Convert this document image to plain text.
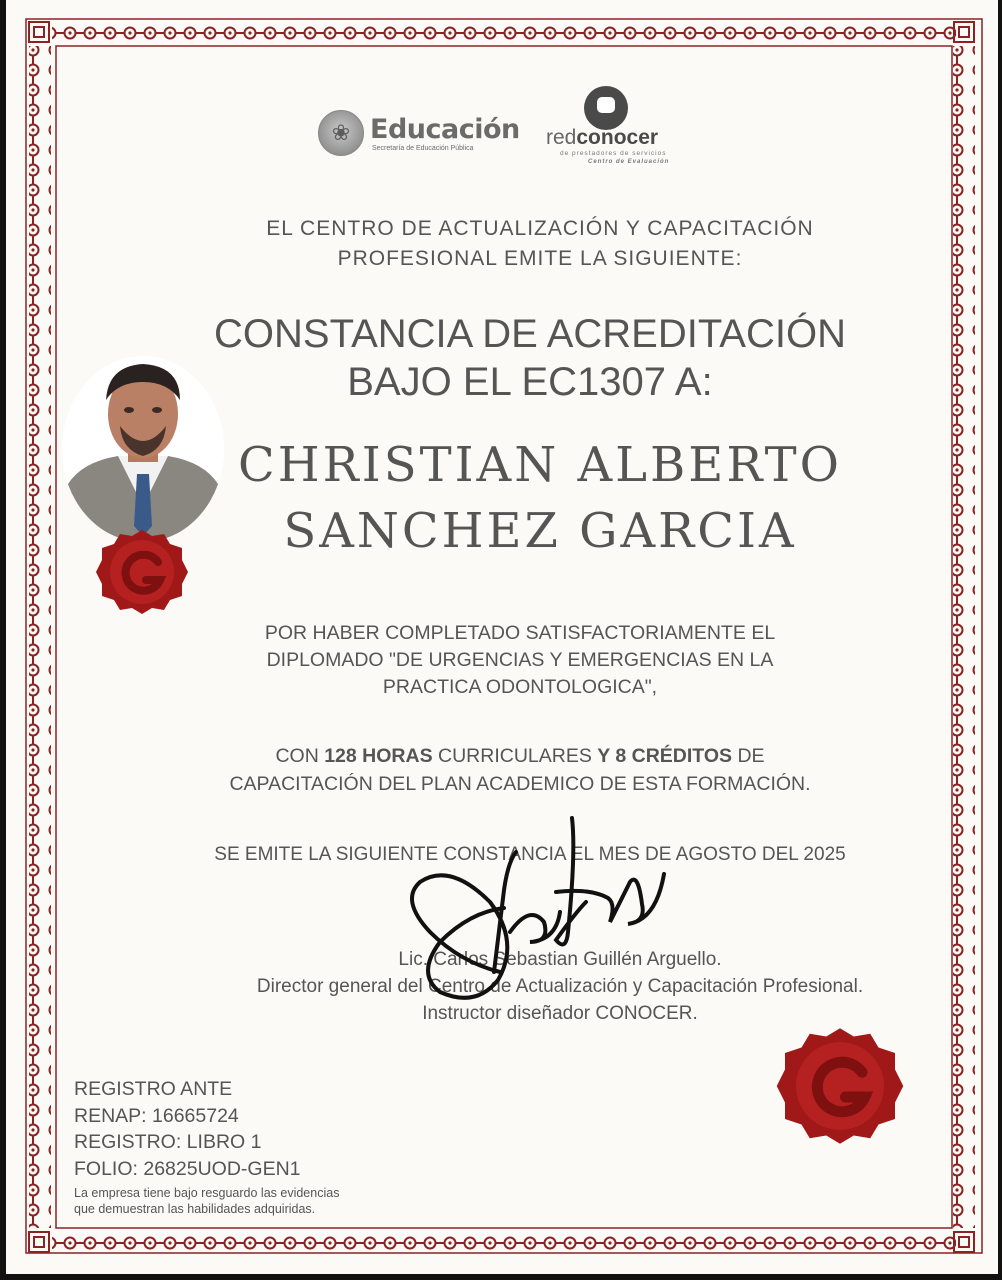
❀ Educación
Secretaría de Educación Pública	redconocer
de prestadores de servicios
Centro de Evaluación
EL CENTRO DE ACTUALIZACIÓN Y CAPACITACIÓN
PROFESIONAL EMITE LA SIGUIENTE:
CONSTANCIA DE ACREDITACIÓN
BAJO EL EC1307 A:
CHRISTIAN ALBERTO
SANCHEZ GARCIA
POR HABER COMPLETADO SATISFACTORIAMENTE EL
DIPLOMADO "DE URGENCIAS Y EMERGENCIAS EN LA
PRACTICA ODONTOLOGICA",
CON 128 HORAS CURRICULARES Y 8 CRÉDITOS DE
CAPACITACIÓN DEL PLAN ACADEMICO DE ESTA FORMACIÓN.
SE EMITE LA SIGUIENTE CONSTANCIA EL MES DE AGOSTO DEL 2025
Lic. Carlos Sebastian Guillén Arguello.
Director general del Centro de Actualización y Capacitación Profesional.
Instructor diseñador CONOCER.
REGISTRO ANTE
RENAP: 16665724
REGISTRO: LIBRO 1
FOLIO: 26825UOD-GEN1
La empresa tiene bajo resguardo las evidencias
que demuestran las habilidades adquiridas.
